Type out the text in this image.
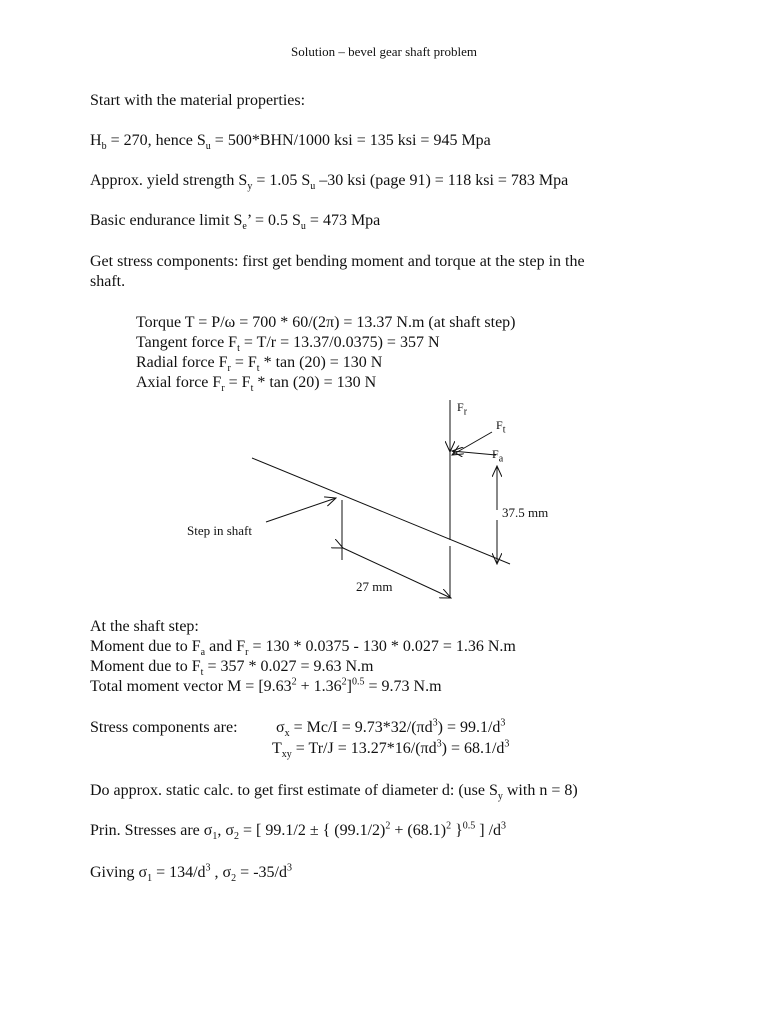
Solution – bevel gear shaft problem
Start with the material properties:
$H_b = 270$, hence $S_u = 500*BHN/1000$ ksi = 135 ksi = 945 Mpa
Approx. yield strength $S_y = 1.05$ $S_u$ –30 ksi (page 91) = 118 ksi = 783 Mpa
Basic endurance limit $S_e$’ = 0.5 $S_u = 473$ Mpa
Get stress components: first get bending moment and torque at the step in the
shaft.
Torque T = P/ω = 700 * 60/(2π) = 13.37 N.m (at shaft step)
Tangent force $F_t = T/r = 13.37/0.0375) = 357$ N
Radial force $F_r = F_t * \tan (20) = 130$ N
Axial force $F_r = F_t * \tan (20) = 130$ N
$F_r$
$F_t$
$F_a$
37.5 mm
27 mm
Step in shaft
At the shaft step:
Moment due to $F_a$ and $F_r = 130 * 0.0375 - 130 * 0.027 = 1.36$ N.m
Moment due to $F_t = 357 * 0.027 = 9.63$ N.m
Total moment vector $M = [9.63^2 + 1.36^2]^{0.5} = 9.73$ N.m
Stress components are: $\sigma_x = Mc/I = 9.73*32/(\pi d^3) = 99.1/d^3$
$T_{xy} = Tr/J = 13.27*16/(\pi d^3) = 68.1/d^3$
Do approx. static calc. to get first estimate of diameter d: (use $S_y$ with n = 8)
Prin. Stresses are $\sigma_1$, $\sigma_2$ = [ 99.1/2 ± { $(99.1/2)^2 + (68.1)^2$ }$^{0.5}$ ] $/d^3$
Giving $\sigma_1 = 134/d^3$ , $\sigma_2 = -35/d^3$
